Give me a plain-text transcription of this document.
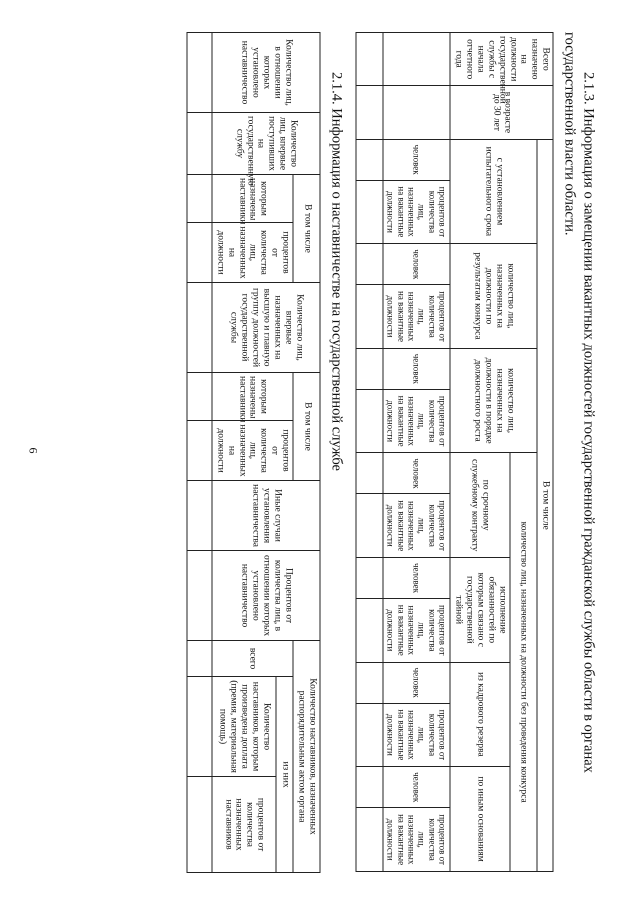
6	2.1.3. Информация о замещении вакантных должностей государственной гражданской службы области в органах государственной власти области.

Всего назначено на должности государственной службы с начала отчетного года	в возрасте до 30 лет	В том числе													
		с установлением испытательного срока		количество лиц, назначенных на должности по результатам конкурса		количество лиц, назначенных на должности в порядке должностного роста		количество лиц, назначенных на должности без проведения конкурса							
								по срочному служебному контракту		исполнение обязанностей по которым связано с государственной тайной		из кадрового резерва		по иным основаниям	
		человек	процентов от количества лиц, назначенных на вакантные должности	человек	процентов от количества лиц, назначенных на вакантные должности	человек	процентов от количества лиц, назначенных на вакантные должности	человек	процентов от количества лиц, назначенных на вакантные должности	человек	процентов от количества лиц, назначенных на вакантные должности	человек	процентов от количества лиц, назначенных на вакантные должности	человек	процентов от количества лиц, назначенных на вакантные должности

2.1.4. Информация о наставничестве на государственной службе

Количество лиц, в отношении которых установлено наставничество	Количество лиц, впервые поступивших на государственную службу	В том числе		Количество лиц, впервые назначенных на высшую и главную группу должностей государственной службы	В том числе		Иные случаи установления наставничества	Процентов от количества лиц, в отношении которых установлено наставничество	Количество наставников, назначенных распорядительным актом органа		
		которым назначены наставники	процентов от количества лиц, назначенных на должности		которым назначены наставники	процентов от количества лиц, назначенных на должности			всего	из них	
										Количество наставников, которым произведена доплата (премия, материальная помощь)	процентов от количества назначенных наставников
